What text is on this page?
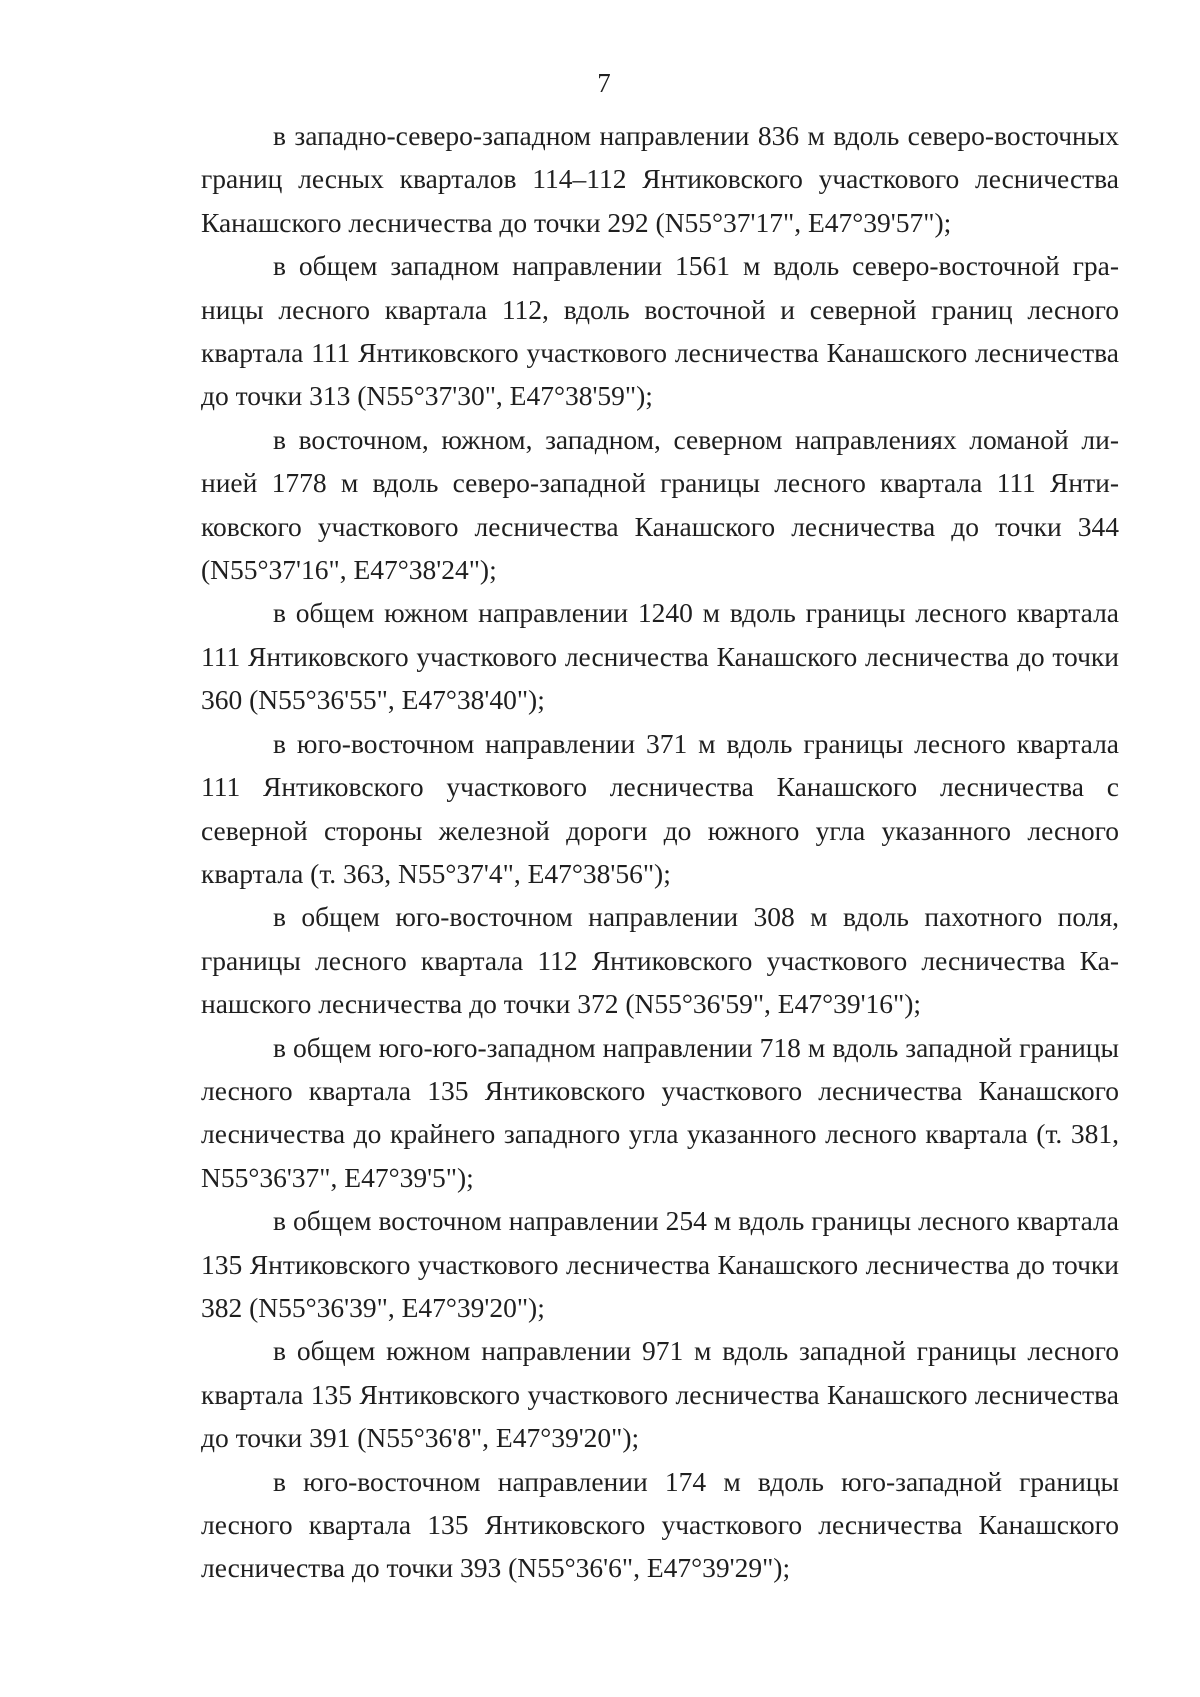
7

в западно-северо-западном направлении 836 м вдоль северо-восточных границ лесных кварталов 114–112 Янтиковского участкового лесничества Канашского лесничества до точки 292 (N55°37'17", E47°39'57");

в общем западном направлении 1561 м вдоль северо-восточной границы лесного квартала 112, вдоль восточной и северной границ лесного квартала 111 Янтиковского участкового лесничества Канашского лесничества до точки 313 (N55°37'30", E47°38'59");

в восточном, южном, западном, северном направлениях ломаной линией 1778 м вдоль северо-западной границы лесного квартала 111 Янтиковского участкового лесничества Канашского лесничества до точки 344 (N55°37'16", E47°38'24");

в общем южном направлении 1240 м вдоль границы лесного квартала 111 Янтиковского участкового лесничества Канашского лесничества до точки 360 (N55°36'55", E47°38'40");

в юго-восточном направлении 371 м вдоль границы лесного квартала 111 Янтиковского участкового лесничества Канашского лесничества с северной стороны железной дороги до южного угла указанного лесного квартала (т. 363, N55°37'4", E47°38'56");

в общем юго-восточном направлении 308 м вдоль пахотного поля, границы лесного квартала 112 Янтиковского участкового лесничества Канашского лесничества до точки 372 (N55°36'59", E47°39'16");

в общем юго-юго-западном направлении 718 м вдоль западной границы лесного квартала 135 Янтиковского участкового лесничества Канашского лесничества до крайнего западного угла указанного лесного квартала (т. 381, N55°36'37", E47°39'5");

в общем восточном направлении 254 м вдоль границы лесного квартала 135 Янтиковского участкового лесничества Канашского лесничества до точки 382 (N55°36'39", E47°39'20");

в общем южном направлении 971 м вдоль западной границы лесного квартала 135 Янтиковского участкового лесничества Канашского лесничества до точки 391 (N55°36'8", E47°39'20");

в юго-восточном направлении 174 м вдоль юго-западной границы лесного квартала 135 Янтиковского участкового лесничества Канашского лесничества до точки 393 (N55°36'6", E47°39'29");
